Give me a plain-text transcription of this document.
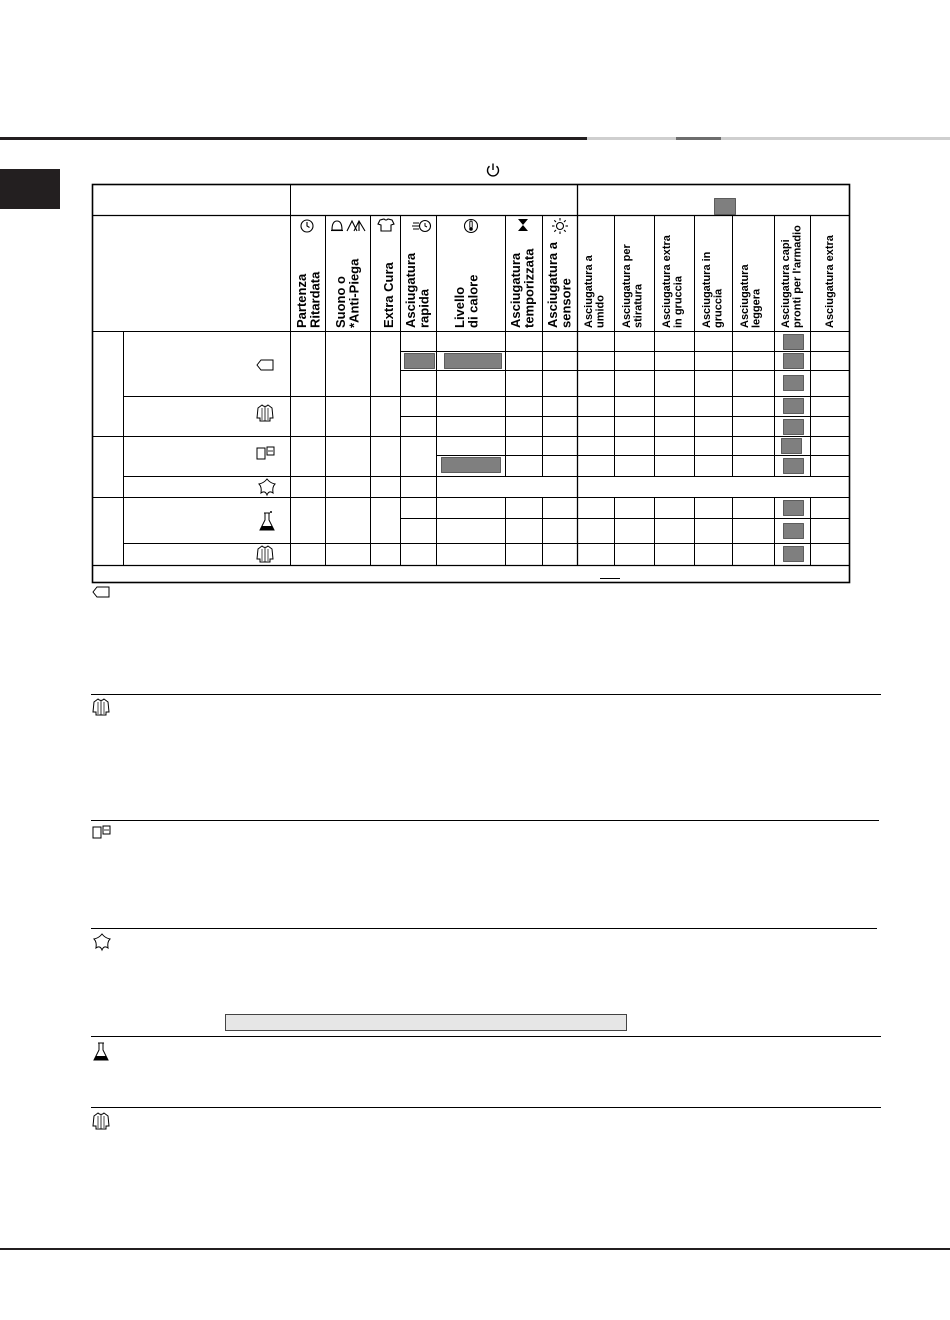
Partenza
Ritardata Suono o
*Anti-Piega Extra Cura Asciugatura
rapida Livello
di calore Asciugatura
temporizzata Asciugatura a
sensore Asciugatura a
umido Asciugatura per
stiratura Asciugatura extra
in gruccia Asciugatura in
gruccia Asciugatura
leggera Asciugatura capi
pronti per l'armadio Asciugatura extra
